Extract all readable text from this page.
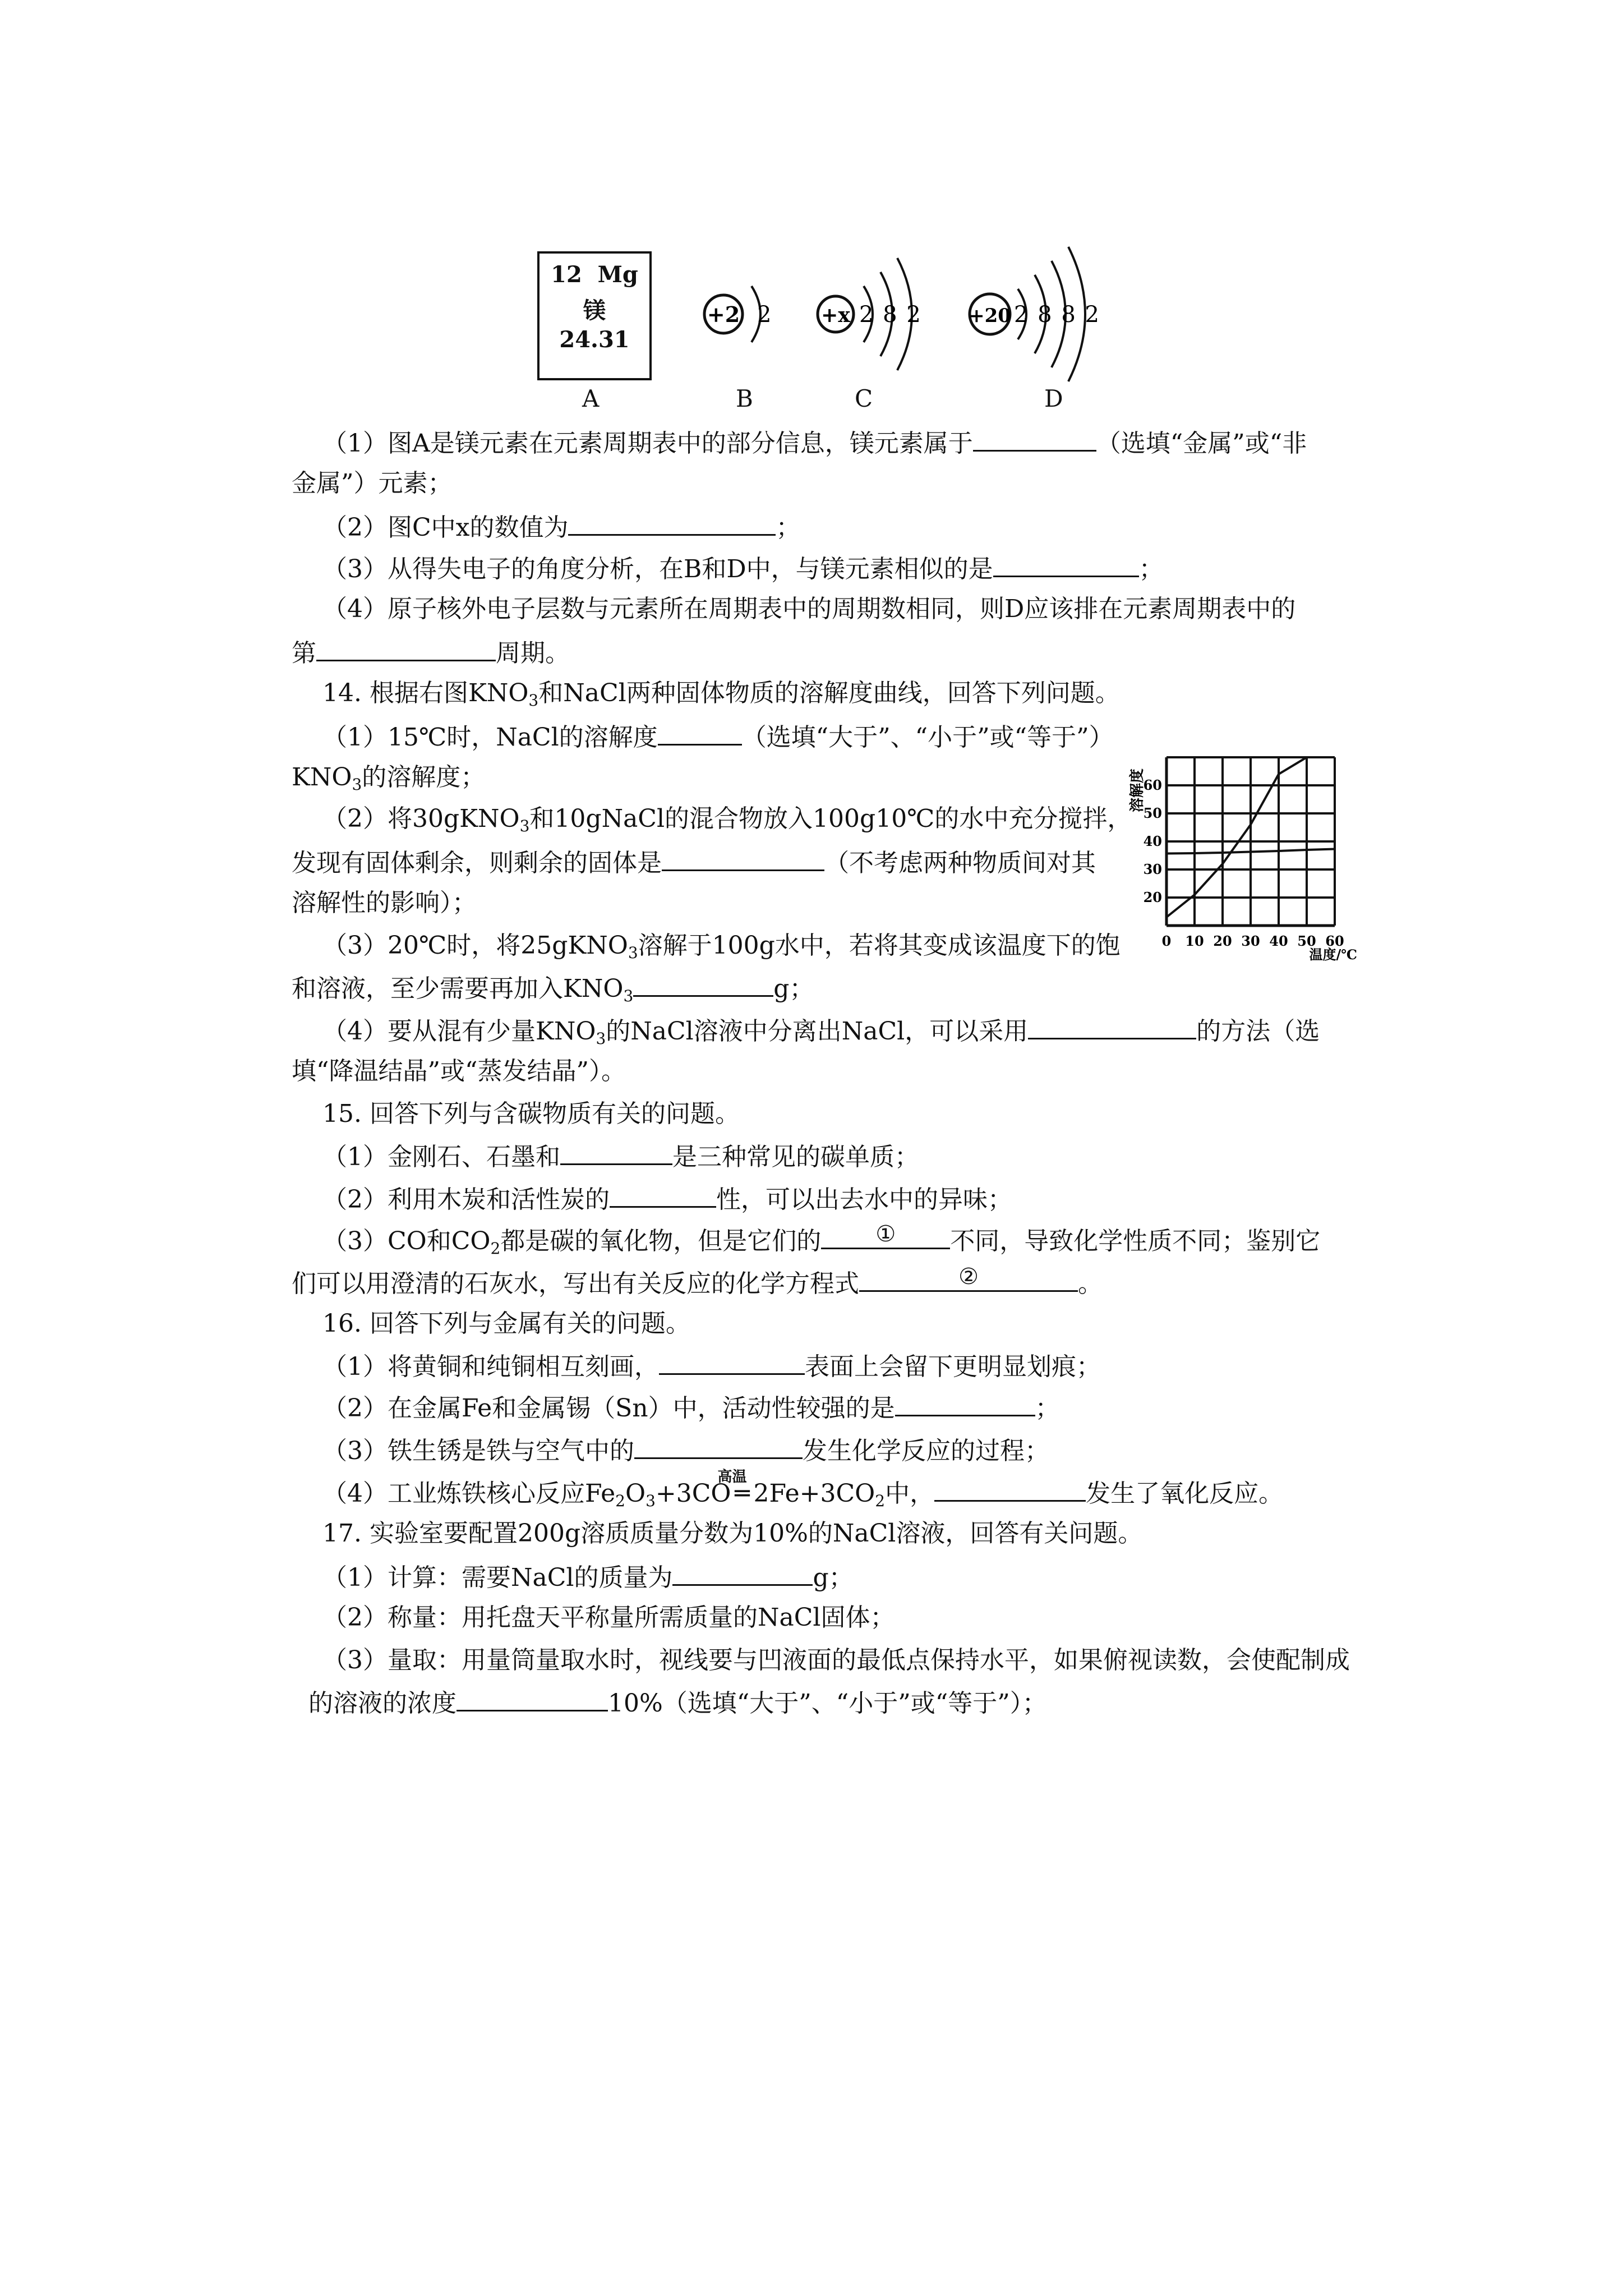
12 Mg
镁
24.31
+2 2 +x 2 8 2 +20 2 8 8 2
A	B	C	D
（1）图A是镁元素在元素周期表中的部分信息，镁元素属于	（选填“金属”或“非
金属”）元素；
（2）图C中x的数值为	；
（3）从得失电子的角度分析，在B和D中，与镁元素相似的是	；
（4）原子核外电子层数与元素所在周期表中的周期数相同，则D应该排在元素周期表中的
第	周期。
14. 根据右图$KNO_3$和NaCl两种固体物质的溶解度曲线，回答下列问题。
（1）15℃时，NaCl的溶解度	（选填“大于”、“小于”或“等于”）
$KNO_3$的溶解度；
（2）将30gKNO$_3$和10gNaCl的混合物放入100g10℃的水中充分搅拌，
发现有固体剩余，则剩余的固体是	（不考虑两种物质间对其
溶解性的影响）；
（3）20℃时，将25gKNO$_3$溶解于100g水中，若将其变成该温度下的饱
和溶液，至少需要再加入$KNO_3$	g；
（4）要从混有少量$KNO_3$的NaCl溶液中分离出NaCl，可以采用	的方法（选
填“降温结晶”或“蒸发结晶”）。
0 10 20 30 40 50 60
20
30
40
50
60
溶解度
温度/℃
15. 回答下列与含碳物质有关的问题。
（1）金刚石、石墨和	是三种常见的碳单质；
（2）利用木炭和活性炭的	性，可以出去水中的异味；
（3）CO和$CO_2$都是碳的氧化物，但是它们的	①	不同，导致化学性质不同；鉴别它
们可以用澄清的石灰水，写出有关反应的化学方程式	②	。
16. 回答下列与金属有关的问题。
（1）将黄铜和纯铜相互刻画，	表面上会留下更明显划痕；
（2）在金属Fe和金属锡（Sn）中，活动性较强的是	；
（3）铁生锈是铁与空气中的	发生化学反应的过程；
（4）工业炼铁核心反应$Fe_2O_3+3CO$
高温
═ $2Fe+3CO_2$中，	发生了氧化反应。
17. 实验室要配置200g溶质质量分数为10%的NaCl溶液，回答有关问题。
（1）计算：需要NaCl的质量为	g；
（2）称量：用托盘天平称量所需质量的NaCl固体；
（3）量取：用量筒量取水时，视线要与凹液面的最低点保持水平，如果俯视读数，会使配制成
的溶液的浓度	10%（选填“大于”、“小于”或“等于”）；
